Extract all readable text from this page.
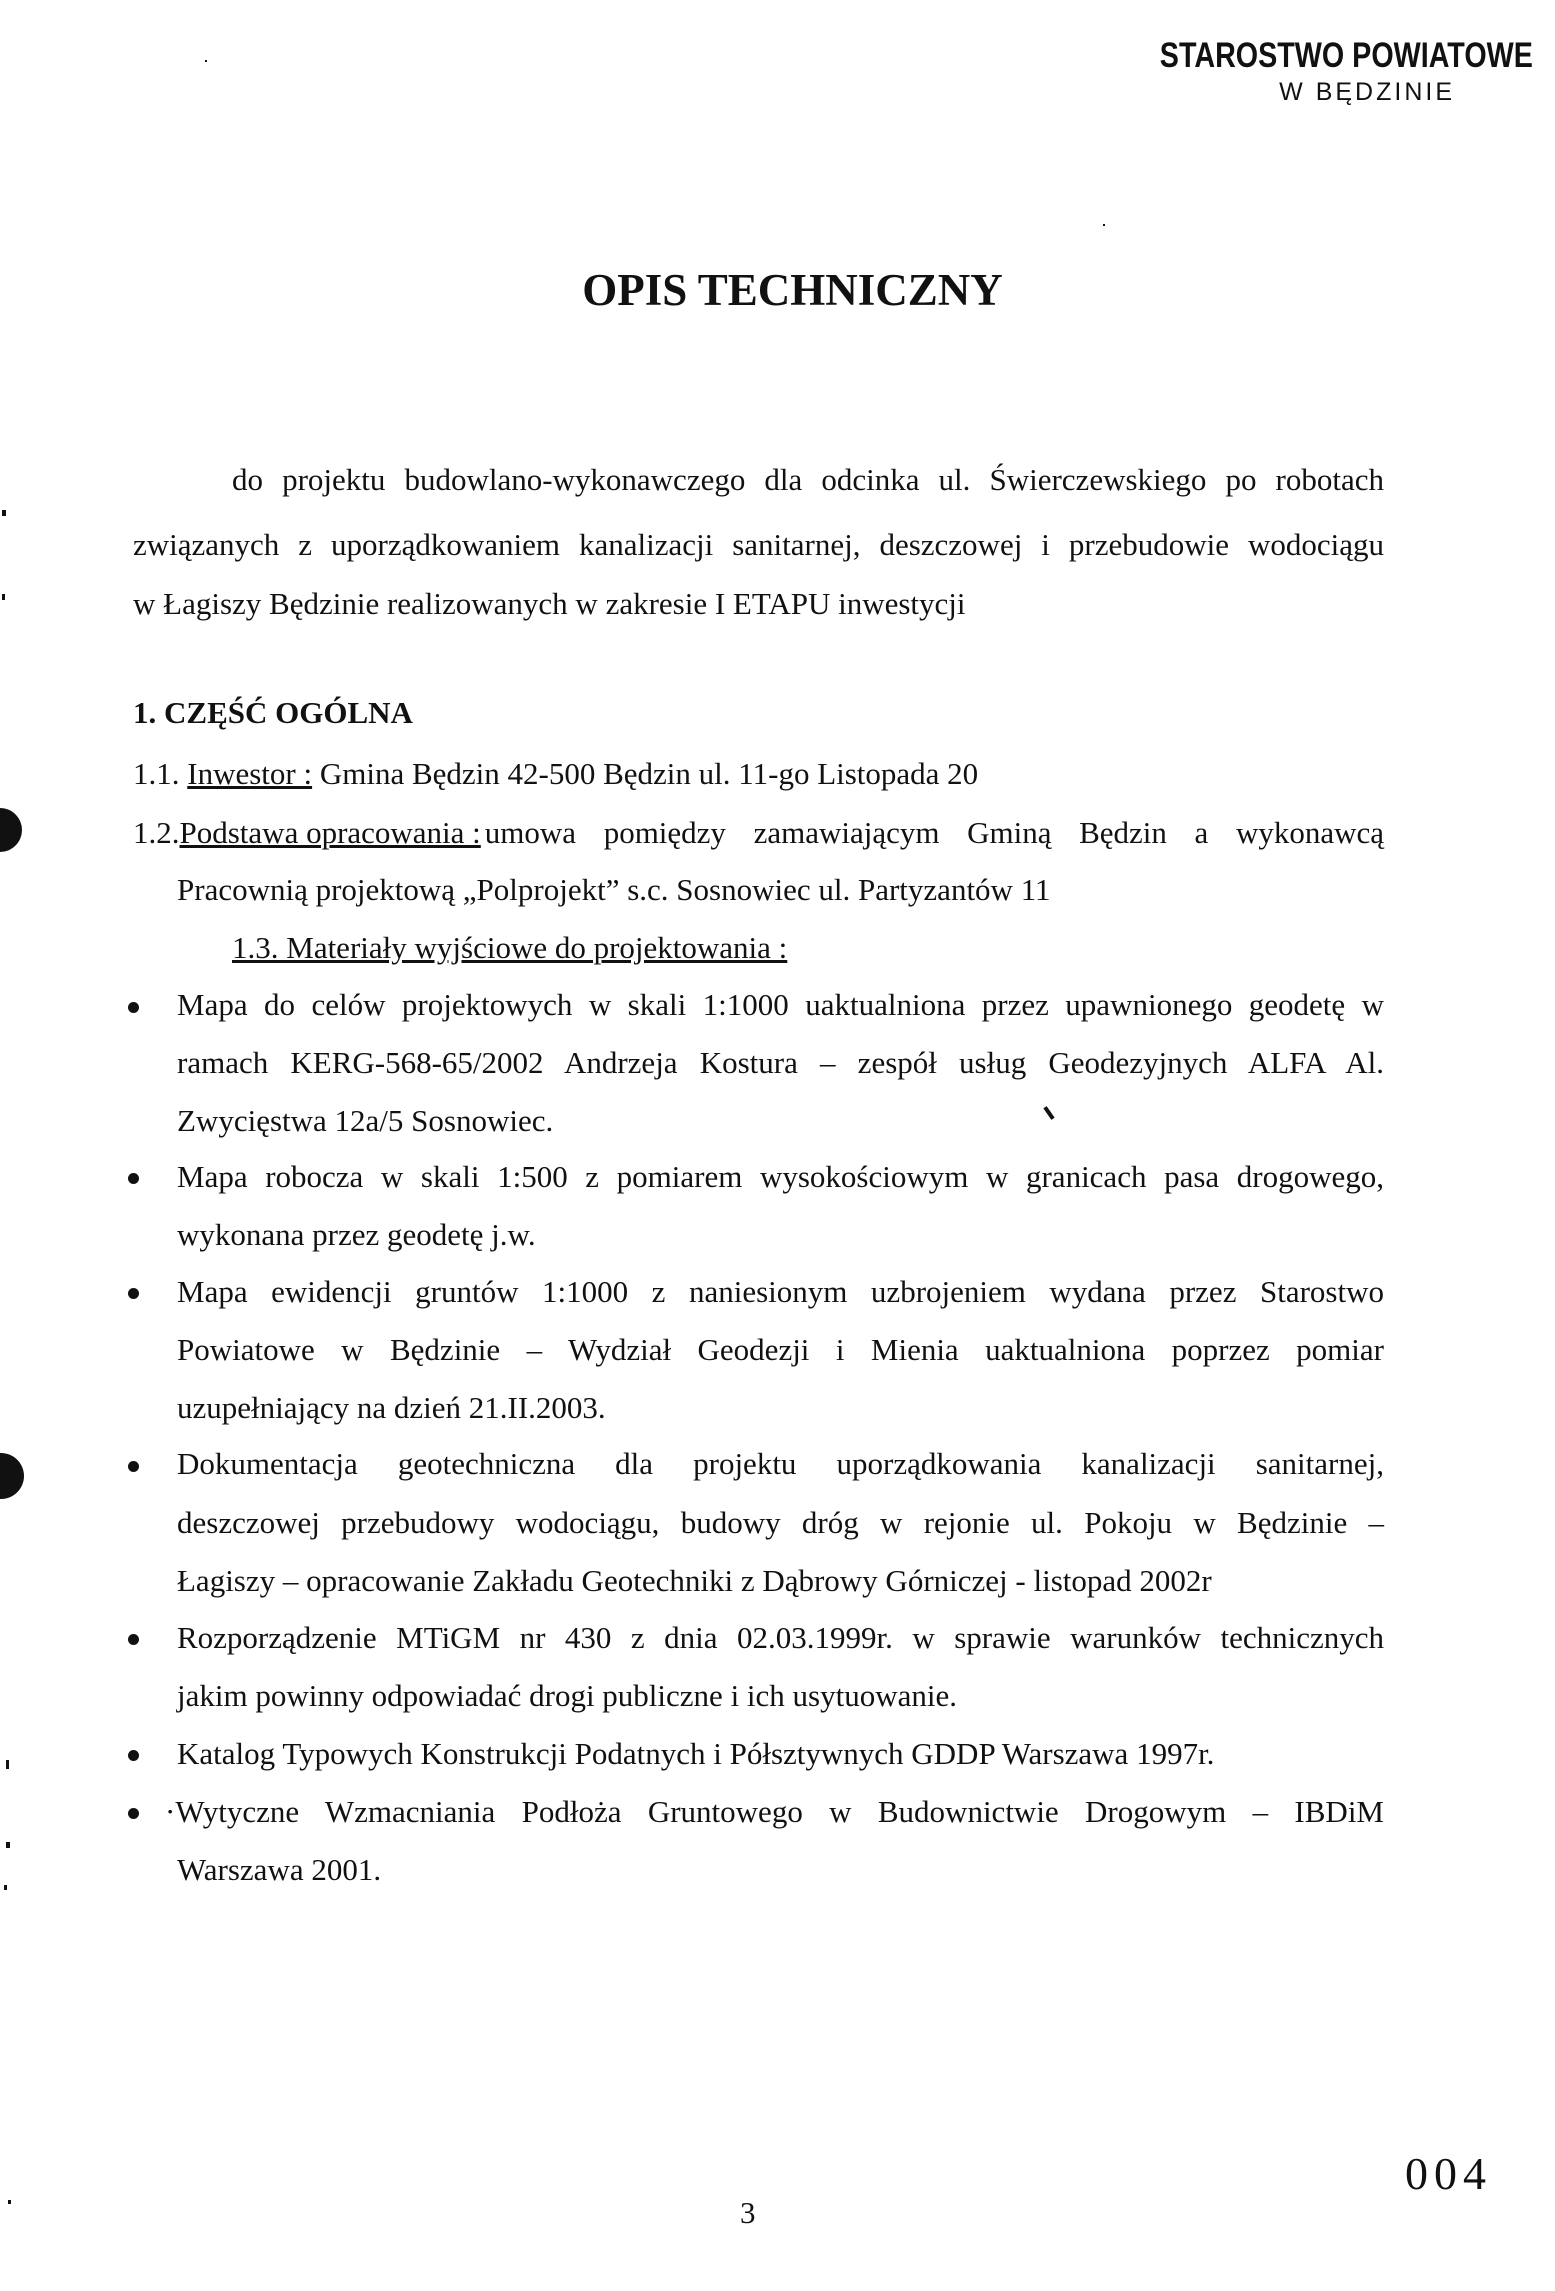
STAROSTWO POWIATOWE
W BĘDZINIE
OPIS TECHNICZNY
do projektu budowlano-wykonawczego dla odcinka ul. Świerczewskiego po robotach
związanych z uporządkowaniem kanalizacji sanitarnej, deszczowej i przebudowie wodociągu
w Łagiszy Będzinie realizowanych w zakresie I ETAPU inwestycji
1. CZĘŚĆ OGÓLNA
1.1. Inwestor : Gmina Będzin 42-500 Będzin ul. 11-go Listopada 20
1.2. Podstawa opracowania : umowa pomiędzy zamawiającym Gminą Będzin a wykonawcą
Pracownią projektową „Polprojekt” s.c. Sosnowiec ul. Partyzantów 11
1.3. Materiały wyjściowe do projektowania :
Mapa do celów projektowych w skali 1:1000 uaktualniona przez upawnionego geodetę w
ramach KERG-568-65/2002 Andrzeja Kostura – zespół usług Geodezyjnych ALFA Al.
Zwycięstwa 12a/5 Sosnowiec.
Mapa robocza w skali 1:500 z pomiarem wysokościowym w granicach pasa drogowego,
wykonana przez geodetę j.w.
Mapa ewidencji gruntów 1:1000 z naniesionym uzbrojeniem wydana przez Starostwo
Powiatowe w Będzinie – Wydział Geodezji i Mienia uaktualniona poprzez pomiar
uzupełniający na dzień 21.II.2003.
Dokumentacja geotechniczna dla projektu uporządkowania kanalizacji sanitarnej,
deszczowej przebudowy wodociągu, budowy dróg w rejonie ul. Pokoju w Będzinie –
Łagiszy – opracowanie Zakładu Geotechniki z Dąbrowy Górniczej - listopad 2002r
Rozporządzenie MTiGM nr 430 z dnia 02.03.1999r. w sprawie warunków technicznych
jakim powinny odpowiadać drogi publiczne i ich usytuowanie.
Katalog Typowych Konstrukcji Podatnych i Półsztywnych GDDP Warszawa 1997r.
·Wytyczne Wzmacniania Podłoża Gruntowego w Budownictwie Drogowym – IBDiM
Warszawa 2001.
3
004
